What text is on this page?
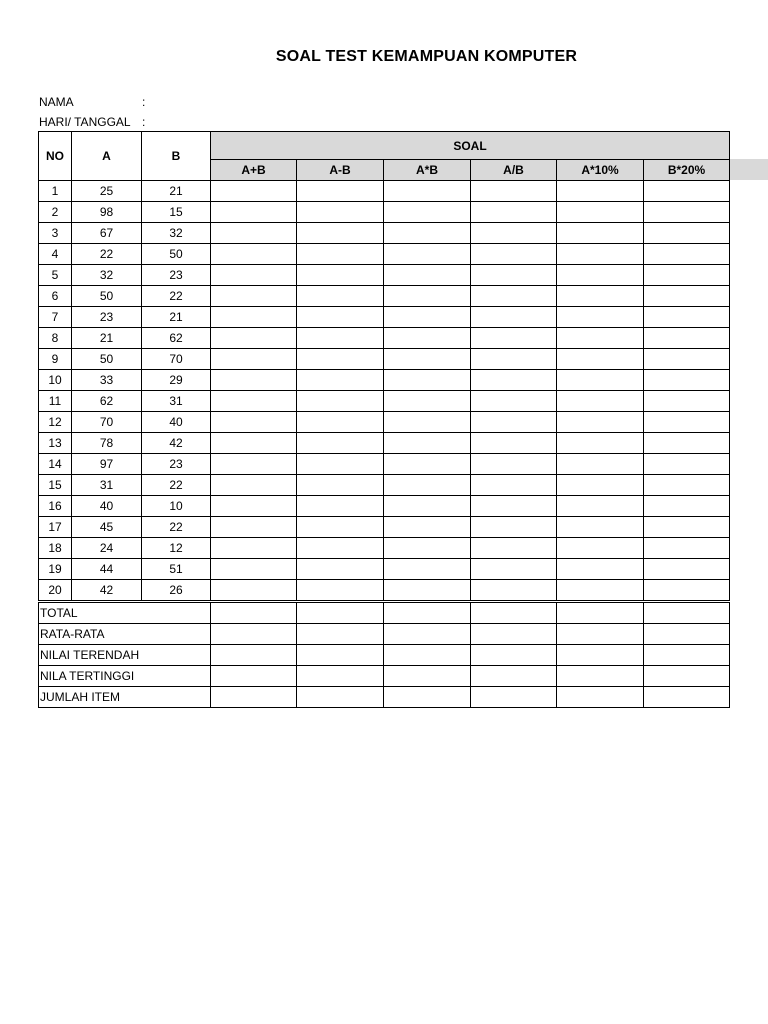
SOAL TEST KEMAMPUAN KOMPUTER
NAMA	:
HARI/ TANGGAL :
NO	A	B	SOAL					
			A+B	A-B	A*B	A/B	A*10%	B*20%
1	25	21						
2	98	15						
3	67	32						
4	22	50						
5	32	23						
6	50	22						
7	23	21						
8	21	62						
9	50	70						
10	33	29						
11	62	31						
12	70	40						
13	78	42						
14	97	23						
15	31	22						
16	40	10						
17	45	22						
18	24	12						
19	44	51						
20	42	26						
TOTAL								
RATA-RATA								
NILAI TERENDAH								
NILA TERTINGGI								
JUMLAH ITEM								
